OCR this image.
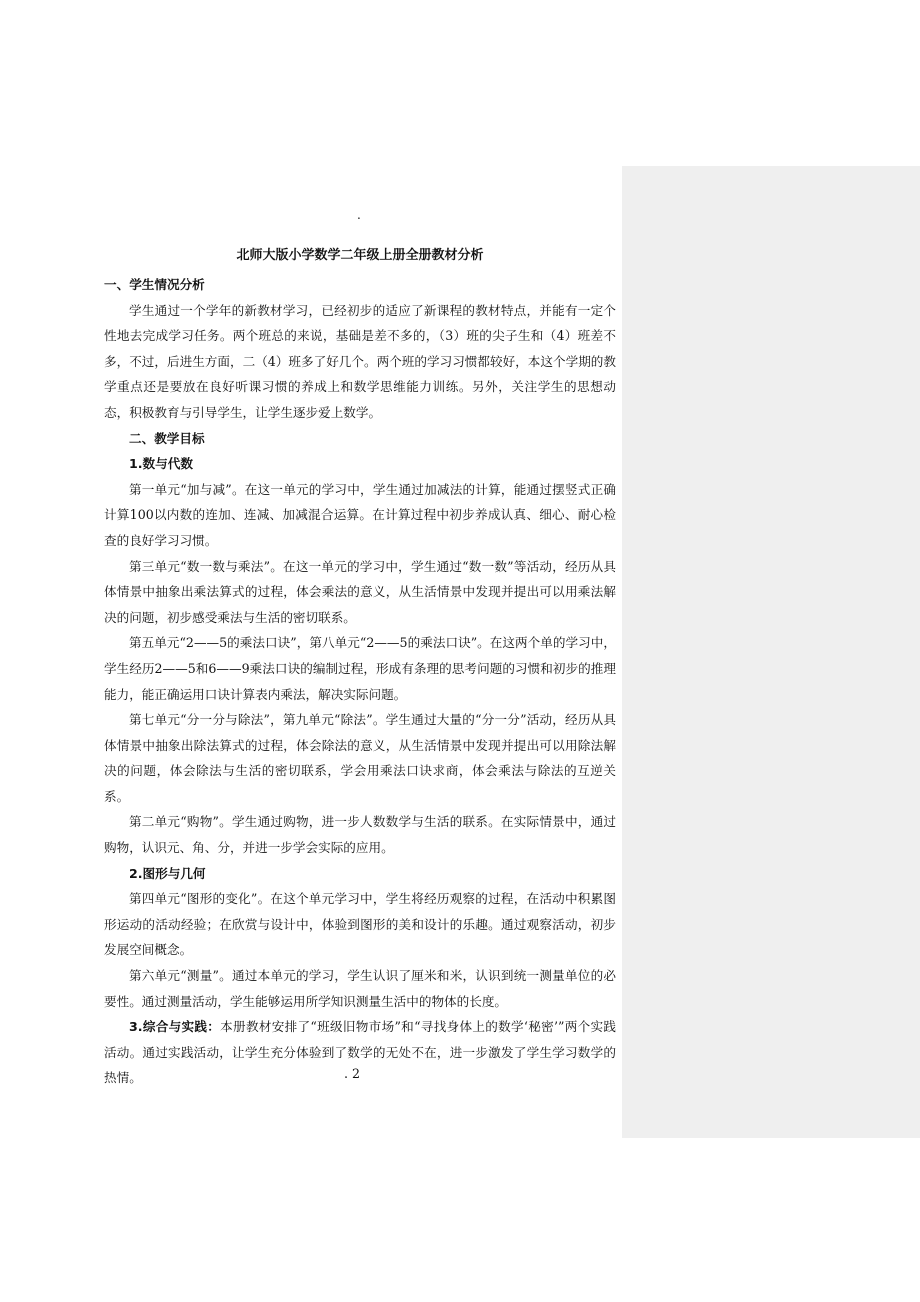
.
北师大版小学数学二年级上册全册教材分析

一、学生情况分析

学生通过一个学年的新教材学习，已经初步的适应了新课程的教材特点，并能有一定个性地去完成学习任务。两个班总的来说，基础是差不多的，（3）班的尖子生和（4）班差不多，不过，后进生方面，二（4）班多了好几个。两个班的学习习惯都较好，本这个学期的教学重点还是要放在良好听课习惯的养成上和数学思维能力训练。另外，关注学生的思想动态，积极教育与引导学生，让学生逐步爱上数学。

二、教学目标

1.数与代数

第一单元“加与减”。在这一单元的学习中，学生通过加减法的计算，能通过摆竖式正确计算100以内数的连加、连减、加减混合运算。在计算过程中初步养成认真、细心、耐心检查的良好学习习惯。

第三单元“数一数与乘法”。在这一单元的学习中，学生通过“数一数”等活动，经历从具体情景中抽象出乘法算式的过程，体会乘法的意义，从生活情景中发现并提出可以用乘法解决的问题，初步感受乘法与生活的密切联系。

第五单元“2——5的乘法口诀”，第八单元“2——5的乘法口诀”。在这两个单的学习中，学生经历2——5和6——9乘法口诀的编制过程，形成有条理的思考问题的习惯和初步的推理能力，能正确运用口诀计算表内乘法，解决实际问题。

第七单元“分一分与除法”，第九单元“除法”。学生通过大量的“分一分”活动，经历从具体情景中抽象出除法算式的过程，体会除法的意义，从生活情景中发现并提出可以用除法解决的问题，体会除法与生活的密切联系，学会用乘法口诀求商，体会乘法与除法的互逆关系。

第二单元“购物”。学生通过购物，进一步人数数学与生活的联系。在实际情景中，通过购物，认识元、角、分，并进一步学会实际的应用。

2.图形与几何

第四单元“图形的变化”。在这个单元学习中，学生将经历观察的过程，在活动中积累图形运动的活动经验；在欣赏与设计中，体验到图形的美和设计的乐趣。通过观察活动，初步发展空间概念。

第六单元“测量”。通过本单元的学习，学生认识了厘米和米，认识到统一测量单位的必要性。通过测量活动，学生能够运用所学知识测量生活中的物体的长度。

3.综合与实践：本册教材安排了“班级旧物市场”和“寻找身体上的数学‘秘密’”两个实践活动。通过实践活动，让学生充分体验到了数学的无处不在，进一步激发了学生学习数学的热情。	. 2
